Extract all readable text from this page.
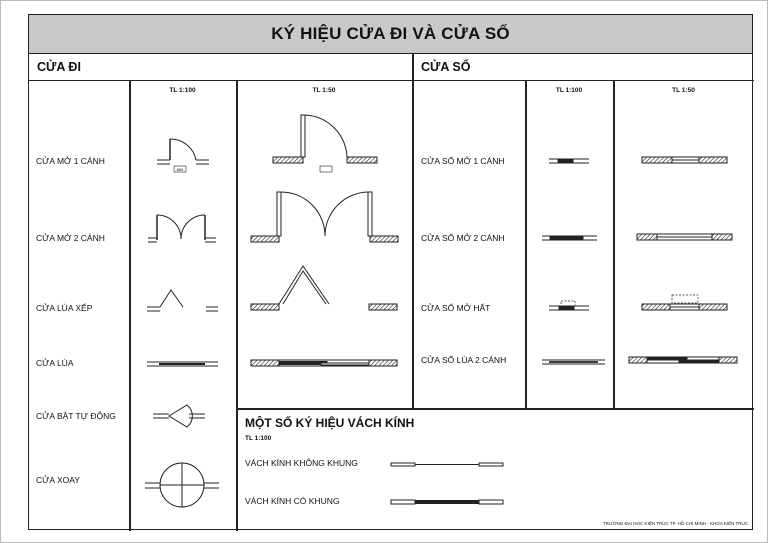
KÝ HIỆU CỬA ĐI VÀ CỬA SỔ
CỬA ĐI	CỬA SỔ
TL 1:100	TL 1:50	TL 1:100	TL 1:50
CỬA MỞ 1 CÁNH
CỬA MỞ 2 CÁNH
CỬA LÙA XẾP
CỬA LÙA
CỬA BẬT TỰ ĐỘNG
CỬA XOAY
CỬA SỔ MỞ 1 CÁNH
CỬA SỔ MỞ 2 CÁNH
CỬA SỔ MỞ HẤT
CỬA SỔ LÙA 2 CÁNH
MỘT SỐ KÝ HIỆU VÁCH KÍNH
TL 1:100
VÁCH KÍNH KHÔNG KHUNG
VÁCH KÍNH CÓ KHUNG
TRƯỜNG ĐẠI HỌC KIẾN TRÚC TP. HỒ CHÍ MINH - KHOA KIẾN TRÚC
800
